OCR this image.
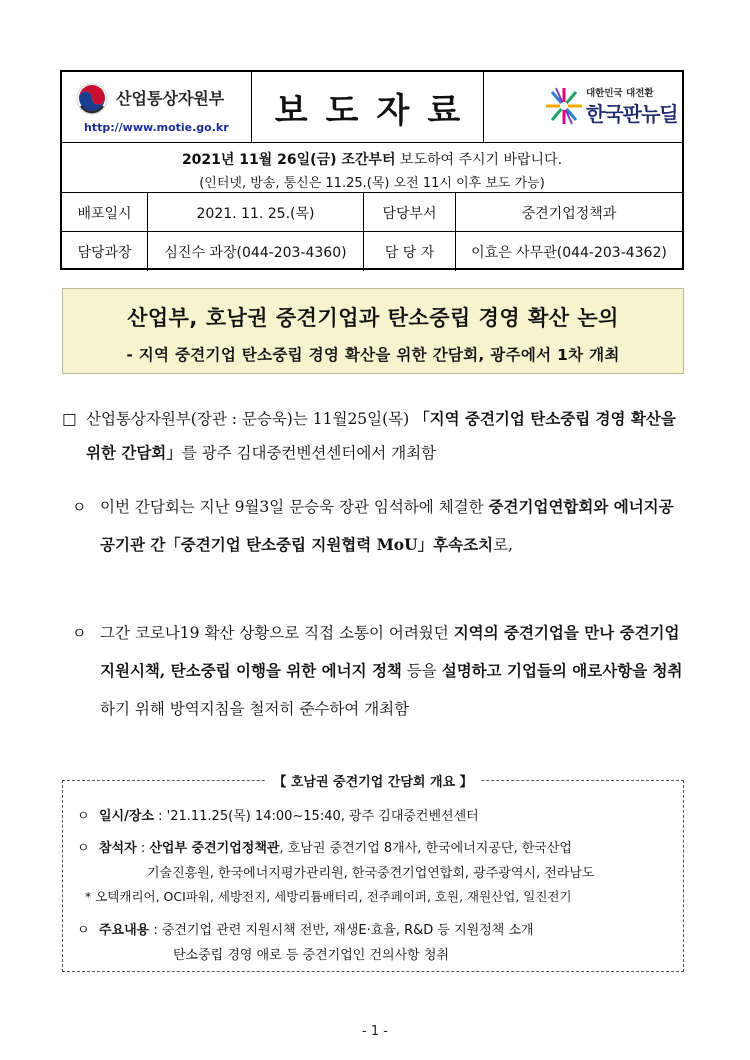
산업통상자원부
http://www.motie.go.kr	보도자료	대한민국 대전환
한국판뉴딜
2021년 11월 26일(금) 조간부터 보도하여 주시기 바랍니다.
(인터넷, 방송, 통신은 11.25.(목) 오전 11시 이후 보도 가능)
배포일시	2021. 11. 25.(목)	담당부서	중견기업정책과
담당과장	심진수 과장(044-203-4360)	담 당 자	이효은 사무관(044-203-4362)
산업부, 호남권 중견기업과 탄소중립 경영 확산 논의
- 지역 중견기업 탄소중립 경영 확산을 위한 간담회, 광주에서 1차 개최
□ 산업통상자원부(장관 : 문승욱)는 11월25일(목) 「지역 중견기업 탄소중립 경영 확산을 위한 간담회」를 광주 김대중컨벤션센터에서 개최함
ㅇ 이번 간담회는 지난 9월3일 문승욱 장관 임석하에 체결한 중견기업연합회와 에너지공공기관 간「중견기업 탄소중립 지원협력 MoU」후속조치로,
ㅇ 그간 코로나19 확산 상황으로 직접 소통이 어려웠던 지역의 중견기업을 만나 중견기업 지원시책, 탄소중립 이행을 위한 에너지 정책 등을 설명하고 기업들의 애로사항을 청취하기 위해 방역지침을 철저히 준수하여 개최함
【 호남권 중견기업 간담회 개요 】
ㅇ 일시/장소 : '21.11.25(목) 14:00~15:40, 광주 김대중컨벤션센터
ㅇ 참석자 : 산업부 중견기업정책관, 호남권 중견기업 8개사, 한국에너지공단, 한국산업
기술진흥원, 한국에너지평가관리원, 한국중견기업연합회, 광주광역시, 전라남도
* 오텍캐리어, OCI파워, 세방전지, 세방리튬배터리, 전주페이퍼, 호원, 재원산업, 일진전기
ㅇ 주요내용 : 중견기업 관련 지원시책 전반, 재생E·효율, R&D 등 지원정책 소개
탄소중립 경영 애로 등 중견기업인 건의사항 청취
- 1 -
